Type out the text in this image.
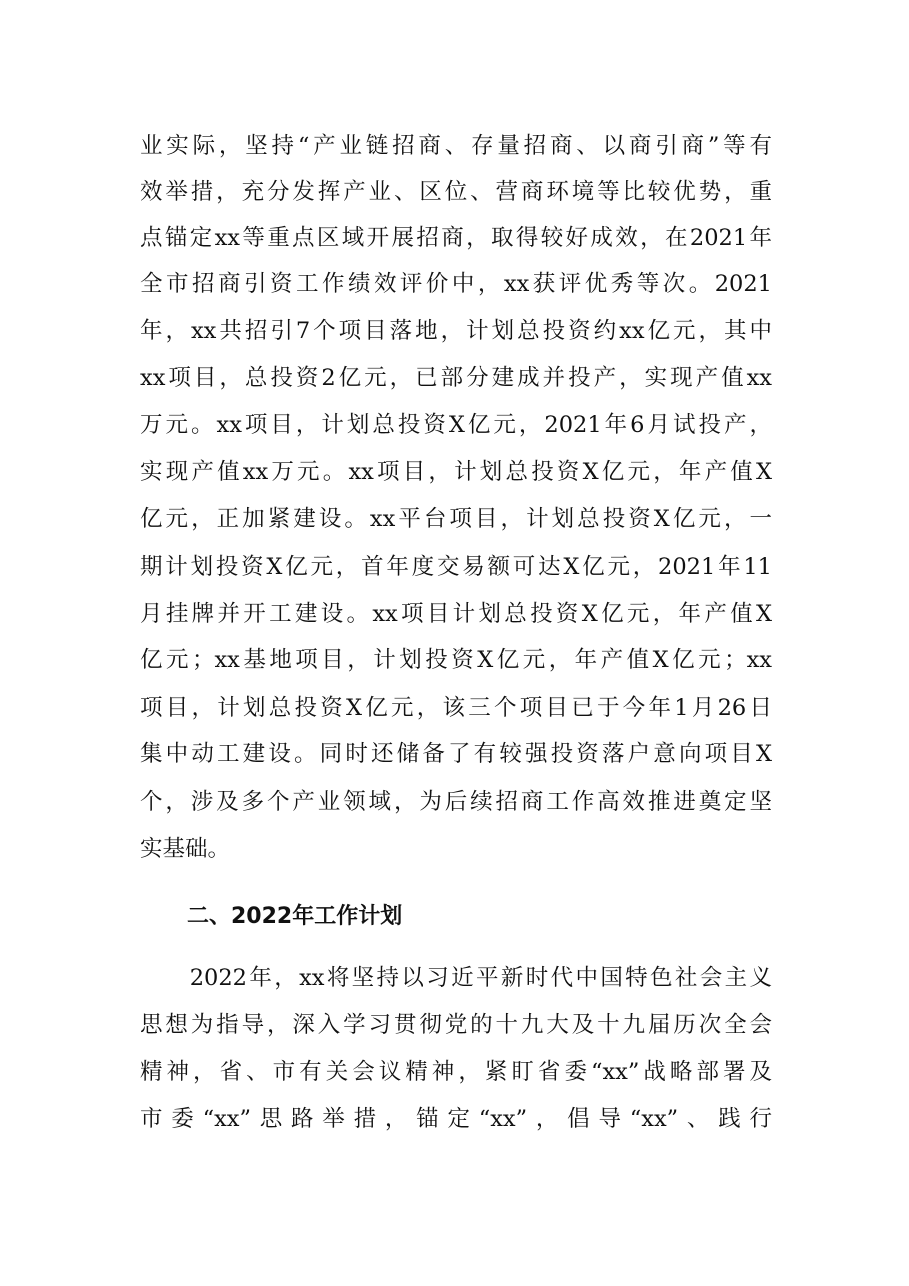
业实际，坚持“产业链招商、存量招商、以商引商”等有
效举措，充分发挥产业、区位、营商环境等比较优势，重
点锚定xx等重点区域开展招商，取得较好成效，在2021年
全市招商引资工作绩效评价中，xx获评优秀等次。2021
年，xx共招引7个项目落地，计划总投资约xx亿元，其中
xx项目，总投资2亿元，已部分建成并投产，实现产值xx
万元。xx项目，计划总投资X亿元，2021年6月试投产，
实现产值xx万元。xx项目，计划总投资X亿元，年产值X
亿元，正加紧建设。xx平台项目，计划总投资X亿元，一
期计划投资X亿元，首年度交易额可达X亿元，2021年11
月挂牌并开工建设。xx项目计划总投资X亿元，年产值X
亿元；xx基地项目，计划投资X亿元，年产值X亿元；xx
项目，计划总投资X亿元，该三个项目已于今年1月26日
集中动工建设。同时还储备了有较强投资落户意向项目X
个，涉及多个产业领域，为后续招商工作高效推进奠定坚
实基础。
二、2022年工作计划
　　2022年，xx将坚持以习近平新时代中国特色社会主义
思想为指导，深入学习贯彻党的十九大及十九届历次全会
精神，省、市有关会议精神，紧盯省委“xx”战略部署及
市委“xx”思路举措，锚定“xx”，倡导“xx”、践行
